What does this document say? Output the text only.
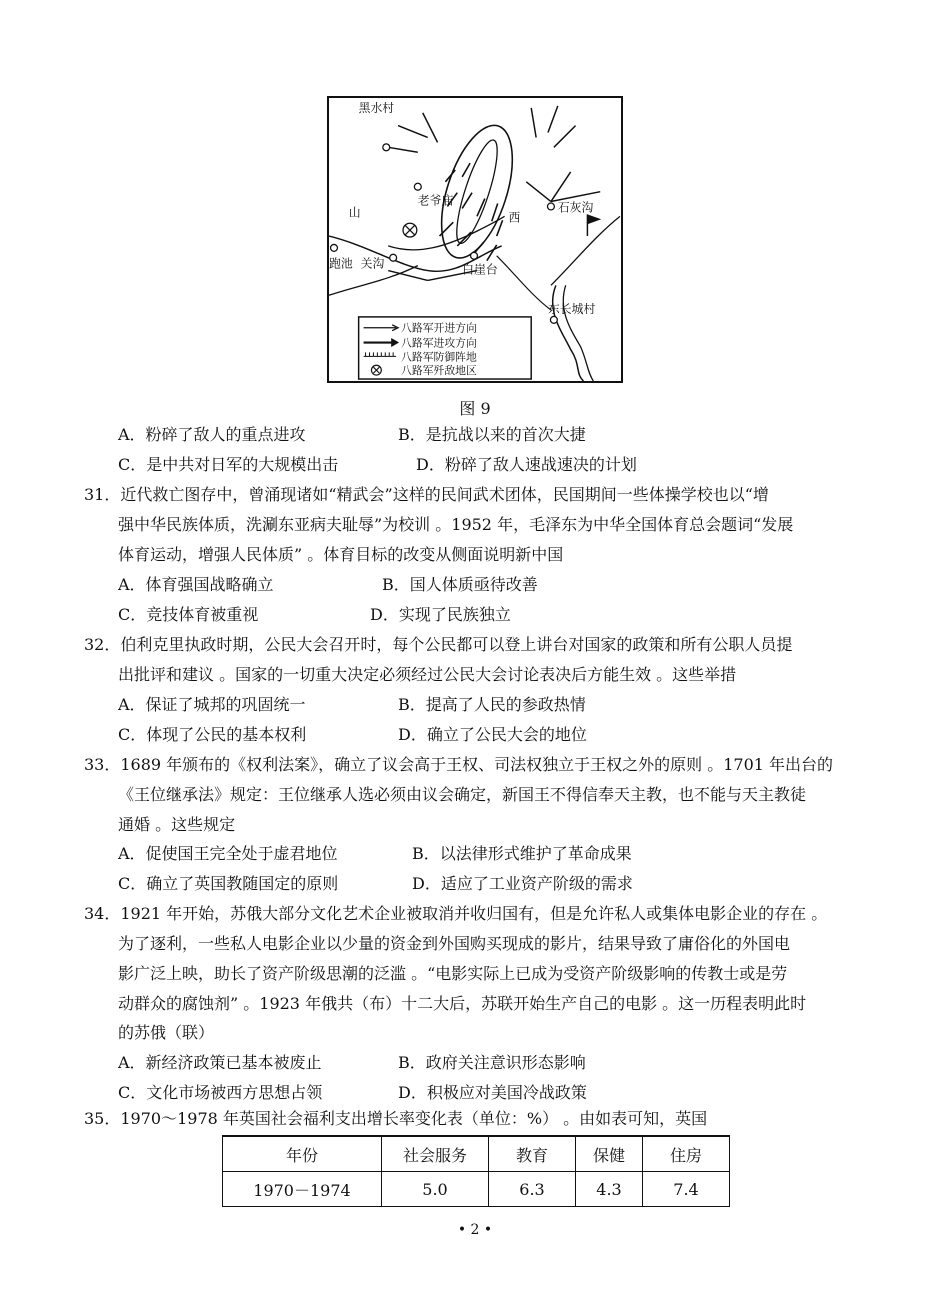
黑水村
老爷庙
山	西
石灰沟
跑池 关沟	白崖台
东长城村
八路军开进方向
八路军进攻方向
八路军防御阵地
八路军歼敌地区
图 9
A．粉碎了敌人的重点进攻	B．是抗战以来的首次大捷
C．是中共对日军的大规模出击	D．粉碎了敌人速战速决的计划
31．近代救亡图存中，曾涌现诸如“精武会”这样的民间武术团体，民国期间一些体操学校也以“增
强中华民族体质，洗涮东亚病夫耻辱”为校训 。1952 年，毛泽东为中华全国体育总会题词“发展
体育运动，增强人民体质” 。体育目标的改变从侧面说明新中国
A．体育强国战略确立	B．国人体质亟待改善
C．竞技体育被重视	D．实现了民族独立
32．伯利克里执政时期，公民大会召开时，每个公民都可以登上讲台对国家的政策和所有公职人员提
出批评和建议 。国家的一切重大决定必须经过公民大会讨论表决后方能生效 。这些举措
A．保证了城邦的巩固统一	B．提高了人民的参政热情
C．体现了公民的基本权利	D．确立了公民大会的地位
33．1689 年颁布的《权利法案》，确立了议会高于王权、司法权独立于王权之外的原则 。1701 年出台的
《王位继承法》规定：王位继承人选必须由议会确定，新国王不得信奉天主教，也不能与天主教徒
通婚 。这些规定
A．促使国王完全处于虚君地位	B．以法律形式维护了革命成果
C．确立了英国教随国定的原则	D．适应了工业资产阶级的需求
34．1921 年开始，苏俄大部分文化艺术企业被取消并收归国有，但是允许私人或集体电影企业的存在 。
为了逐利，一些私人电影企业以少量的资金到外国购买现成的影片，结果导致了庸俗化的外国电
影广泛上映，助长了资产阶级思潮的泛滥 。“电影实际上已成为受资产阶级影响的传教士或是劳
动群众的腐蚀剂” 。1923 年俄共（布）十二大后，苏联开始生产自己的电影 。这一历程表明此时
的苏俄（联）
A．新经济政策已基本被废止	B．政府关注意识形态影响
C．文化市场被西方思想占领	D．积极应对美国冷战政策
35．1970～1978 年英国社会福利支出增长率变化表（单位：%） 。由如表可知，英国
年份	社会服务	教育	保健	住房
1970－1974	5.0	6.3	4.3	7.4
• 2 •
